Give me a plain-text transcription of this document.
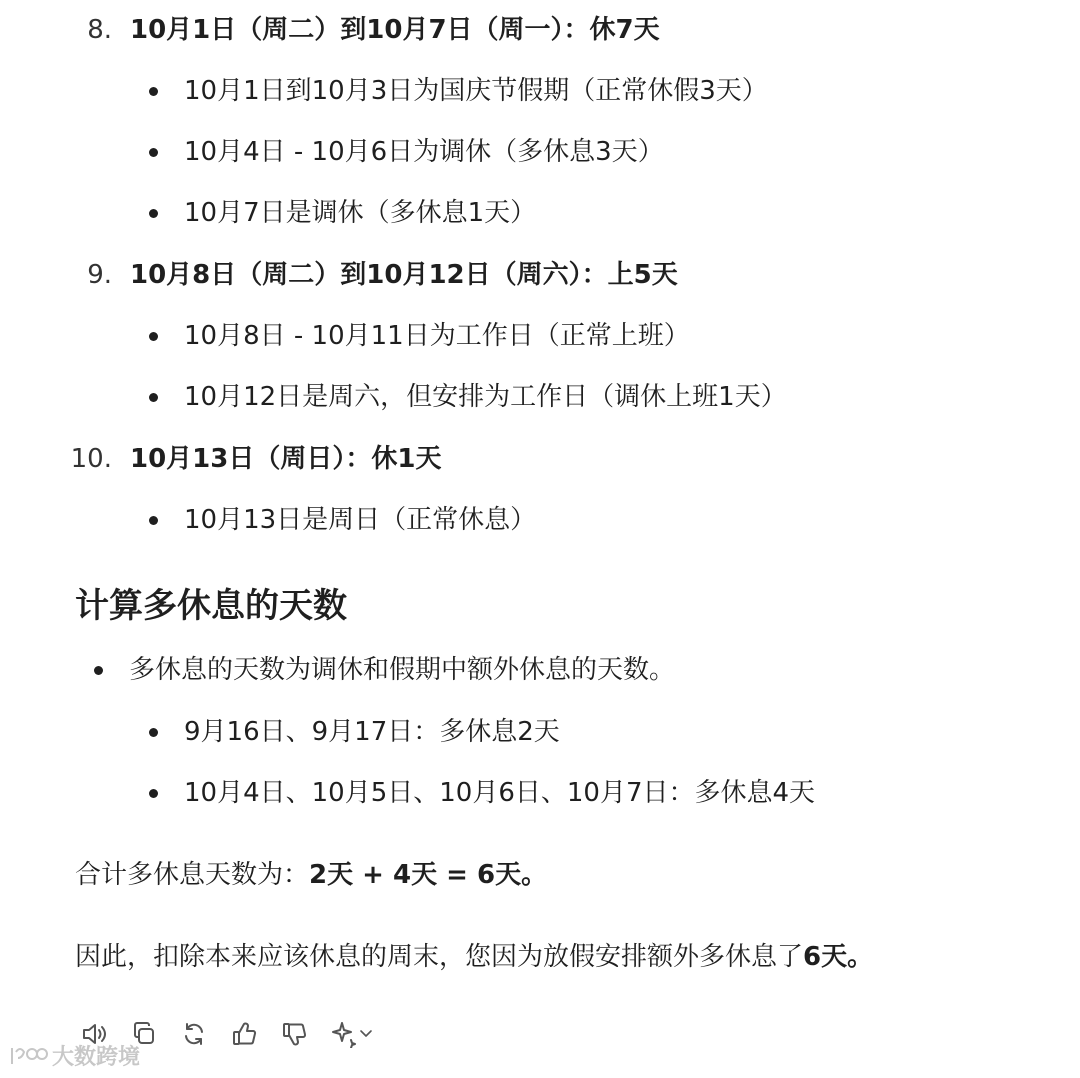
8. 10月1日（周二）到10月7日（周一）：休7天
10月1日到10月3日为国庆节假期（正常休假3天）
10月4日 - 10月6日为调休（多休息3天）
10月7日是调休（多休息1天）
9. 10月8日（周二）到10月12日（周六）：上5天
10月8日 - 10月11日为工作日（正常上班）
10月12日是周六，但安排为工作日（调休上班1天）
10. 10月13日（周日）：休1天
10月13日是周日（正常休息）
计算多休息的天数
多休息的天数为调休和假期中额外休息的天数。
9月16日、9月17日：多休息2天
10月4日、10月5日、10月6日、10月7日：多休息4天
合计多休息天数为：2天 + 4天 = 6天。
因此，扣除本来应该休息的周末，您因为放假安排额外多休息了6天。
大数跨境
